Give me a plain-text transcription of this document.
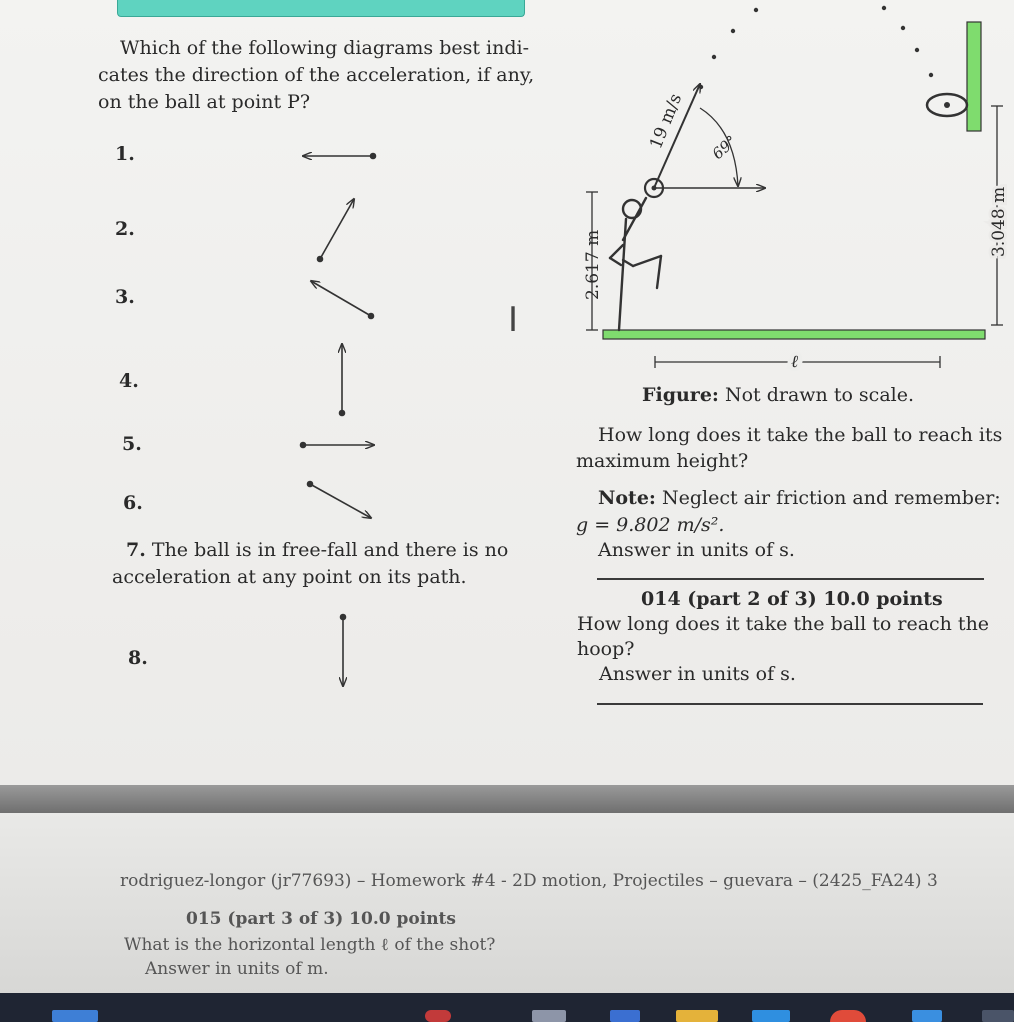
Which of the following diagrams best indi-
cates the direction of the acceleration, if any,
on the ball at point P?
1.
2.
3.
4.
5.
6.
7. The ball is in free-fall and there is no
acceleration at any point on its path.
8.
I
Figure: Not drawn to scale.
How long does it take the ball to reach its
maximum height?
Note: Neglect air friction and remember:
g = 9.802 m/s².
Answer in units of s.
014 (part 2 of 3) 10.0 points
How long does it take the ball to reach the
hoop?
Answer in units of s.
19 m/s 69°
2.617 m
3.048 m
ℓ
rodriguez-longor (jr77693) – Homework #4 - 2D motion, Projectiles – guevara – (2425_FA24) 3
015 (part 3 of 3) 10.0 points
What is the horizontal length ℓ of the shot?
Answer in units of m.
